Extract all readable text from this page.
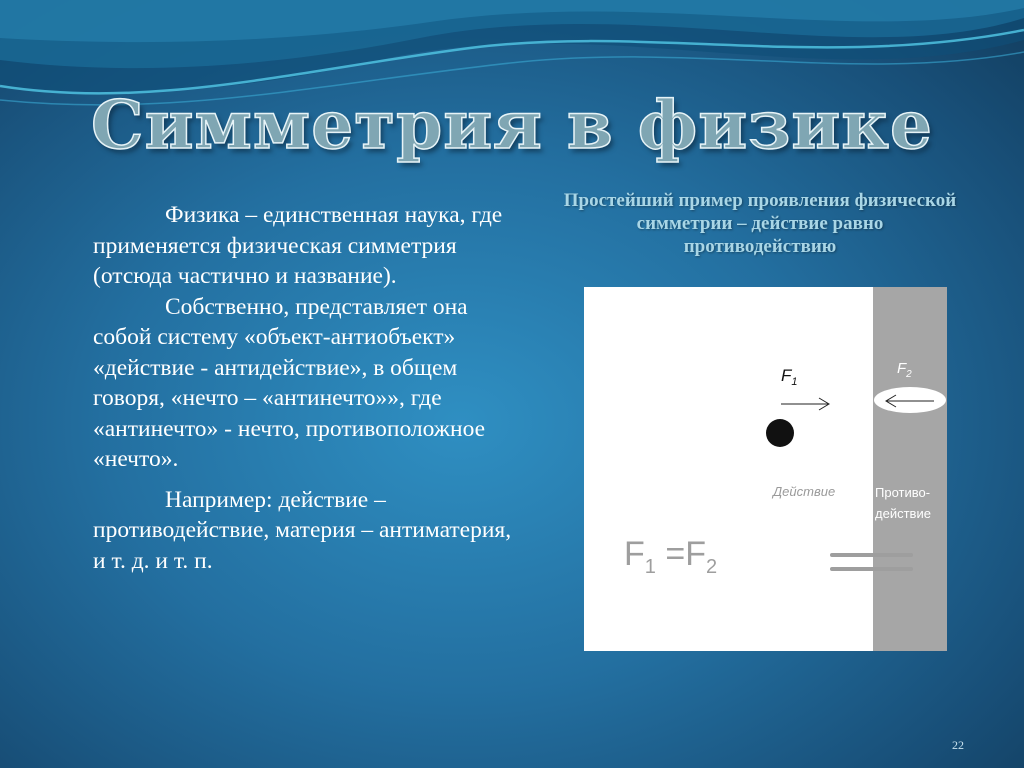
Симметрия в физике

Физика – единственная наука, где применяется физическая симметрия (отсюда частично и название).

Собственно, представляет она собой систему «объект-антиобъект» «действие - антидействие», в общем говоря, «нечто – «антинечто»», где «антинечто» - нечто, противоположное «нечто».

Например: действие – противодействие, материя – антиматерия, и т. д. и т. п.

Простейший пример проявления физической симметрии – действие равно противодействию
$F_1$
$F_2$
Действие	Противо-
действие
$F_1 =F_2$
22
